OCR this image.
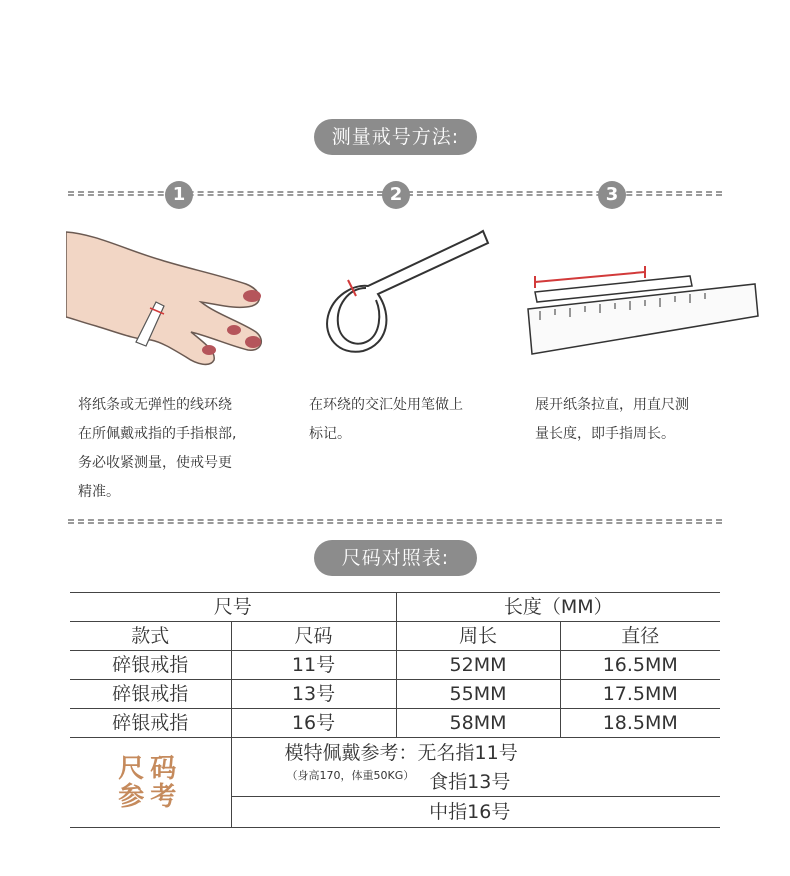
测量戒号方法:
1	2	3
将纸条或无弹性的线环绕
在所佩戴戒指的手指根部,
务必收紧测量，使戒号更
精准。
在环绕的交汇处用笔做上
标记。
展开纸条拉直，用直尺测
量长度，即手指周长。
尺码对照表:
尺号		长度（MM）	
款式	尺码	周长	直径
碎银戒指	11号	52MM	16.5MM
碎银戒指	13号	55MM	17.5MM
碎银戒指	16号	58MM	18.5MM

尺码
参考	模特佩戴参考：无名指11号		

	（身高170，体重50KG） 食指13号		

	中指16号		
